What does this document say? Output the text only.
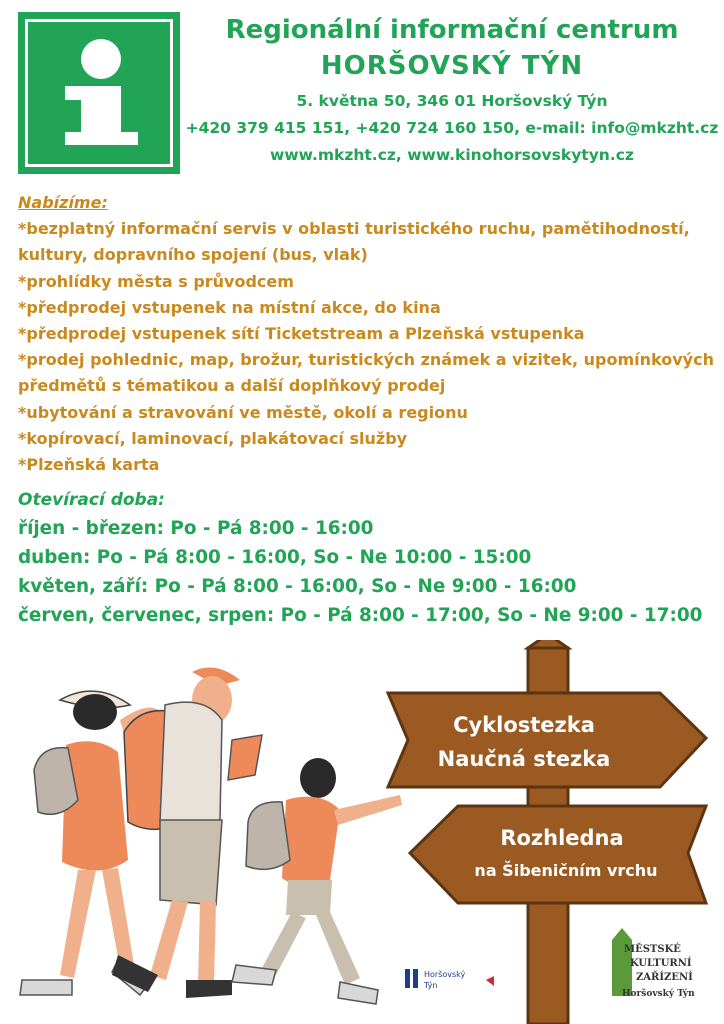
Regionální informační centrum
HORŠOVSKÝ TÝN
5. května 50, 346 01 Horšovský Týn
+420 379 415 151, +420 724 160 150, e-mail: info@mkzht.cz
www.mkzht.cz, www.kinohorsovskytyn.cz
Nabízíme:
*bezplatný informační servis v oblasti turistického ruchu, pamětihodností, kultury, dopravního spojení (bus, vlak)
*prohlídky města s průvodcem
*předprodej vstupenek na místní akce, do kina
*předprodej vstupenek sítí Ticketstream a Plzeňská vstupenka
*prodej pohlednic, map, brožur, turistických známek a vizitek, upomínkových předmětů s tématikou a další doplňkový prodej
*ubytování a stravování ve městě, okolí a regionu
*kopírovací, laminovací, plakátovací služby
*Plzeňská karta
Otevírací doba:
říjen - březen: Po - Pá 8:00 - 16:00
duben: Po - Pá 8:00 - 16:00, So - Ne 10:00 - 15:00
květen, září: Po - Pá 8:00 - 16:00, So - Ne 9:00 - 16:00
červen, červenec, srpen: Po - Pá 8:00 - 17:00, So - Ne 9:00 - 17:00
Cyklostezka
Naučná stezka
Rozhledna
na Šibeničním vrchu
Horšovský
Týn
MĚSTSKÉ
KULTURNÍ
ZAŘÍZENÍ
Horšovský Týn
